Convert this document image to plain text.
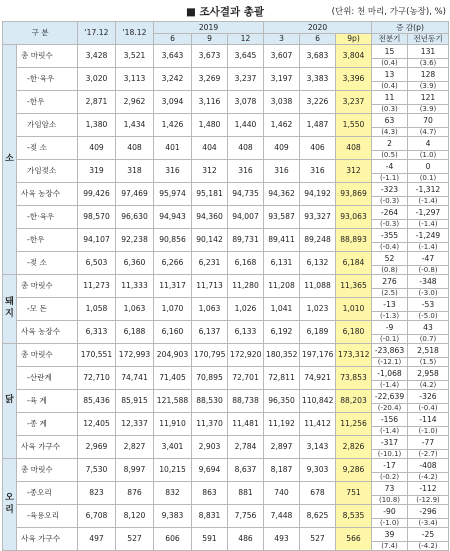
■ 조사결과 총괄	(단위: 천 마리, 가구(농장), %)
구 분		'17.12	'18.12	2019			2020			증 감(p)	
				6	9	12	3	6	9p)	전분기	전년동기
소	총 마릿수	3,428	3,521	3,643	3,673	3,645	3,607	3,683	3,804	15	131
										(0.4)	(3.6)
	-한·육우	3,020	3,113	3,242	3,269	3,237	3,197	3,383	3,396	13	128
										(0.4)	(3.9)
	-한우	2,871	2,962	3,094	3,116	3,078	3,038	3,226	3,237	11	121
										(0.3)	(3.9)
	가임암소	1,380	1,434	1,426	1,480	1,440	1,462	1,487	1,550	63	70
										(4.3)	(4.7)
	-젖 소	409	408	401	404	408	409	406	408	2	4
										(0.5)	(1.0)
	가임젖소	319	318	316	312	316	316	316	312	-4	0
										(-1.1)	(0.1)
	사육 농장수	99,426	97,469	95,974	95,181	94,735	94,362	94,192	93,869	-323	-1,312
										(-0.3)	(-1.4)
	-한·육우	98,570	96,630	94,943	94,360	94,007	93,587	93,327	93,063	-264	-1,297
										(-0.3)	(-1.4)
	-한우	94,107	92,238	90,856	90,142	89,731	89,411	89,248	88,893	-355	-1,249
										(-0.4)	(-1.4)
	-젖 소	6,503	6,360	6,266	6,231	6,168	6,131	6,132	6,184	52	-47
										(0.8)	(-0.8)
돼지	총 마릿수	11,273	11,333	11,317	11,713	11,280	11,208	11,088	11,365	276	-348
										(2.5)	(-3.0)
	-모 돈	1,058	1,063	1,070	1,063	1,026	1,041	1,023	1,010	-13	-53
										(-1.3)	(-5.0)
	사육 농장수	6,313	6,188	6,160	6,137	6,133	6,192	6,189	6,180	-9	43
										(-0.1)	(0.7)
닭	총 마릿수	170,551	172,993	204,903	170,795	172,920	180,352	197,176	173,312	-23,863	2,518
										(-12.1)	(1.5)
	-산란계	72,710	74,741	71,405	70,895	72,701	72,811	74,921	73,853	-1,068	2,958
										(-1.4)	(4.2)
	-육 계	85,436	85,915	121,588	88,530	88,738	96,350	110,842	88,203	-22,639	-326
										(-20.4)	(-0.4)
	-종 계	12,405	12,337	11,910	11,370	11,481	11,192	11,412	11,256	-156	-114
										(-1.4)	(-1.0)
	사육 가구수	2,969	2,827	3,401	2,903	2,784	2,897	3,143	2,826	-317	-77
										(-10.1)	(-2.7)
오리	총 마릿수	7,530	8,997	10,215	9,694	8,637	8,187	9,303	9,286	-17	-408
										(-0.2)	(-4.2)
	-종오리	823	876	832	863	881	740	678	751	73	-112
										(10.8)	(-12.9)
	-육용오리	6,708	8,120	9,383	8,831	7,756	7,448	8,625	8,535	-90	-296
										(-1.0)	(-3.4)
	사육 가구수	497	527	606	591	486	493	527	566	39	-25
										(7.4)	(-4.2)
